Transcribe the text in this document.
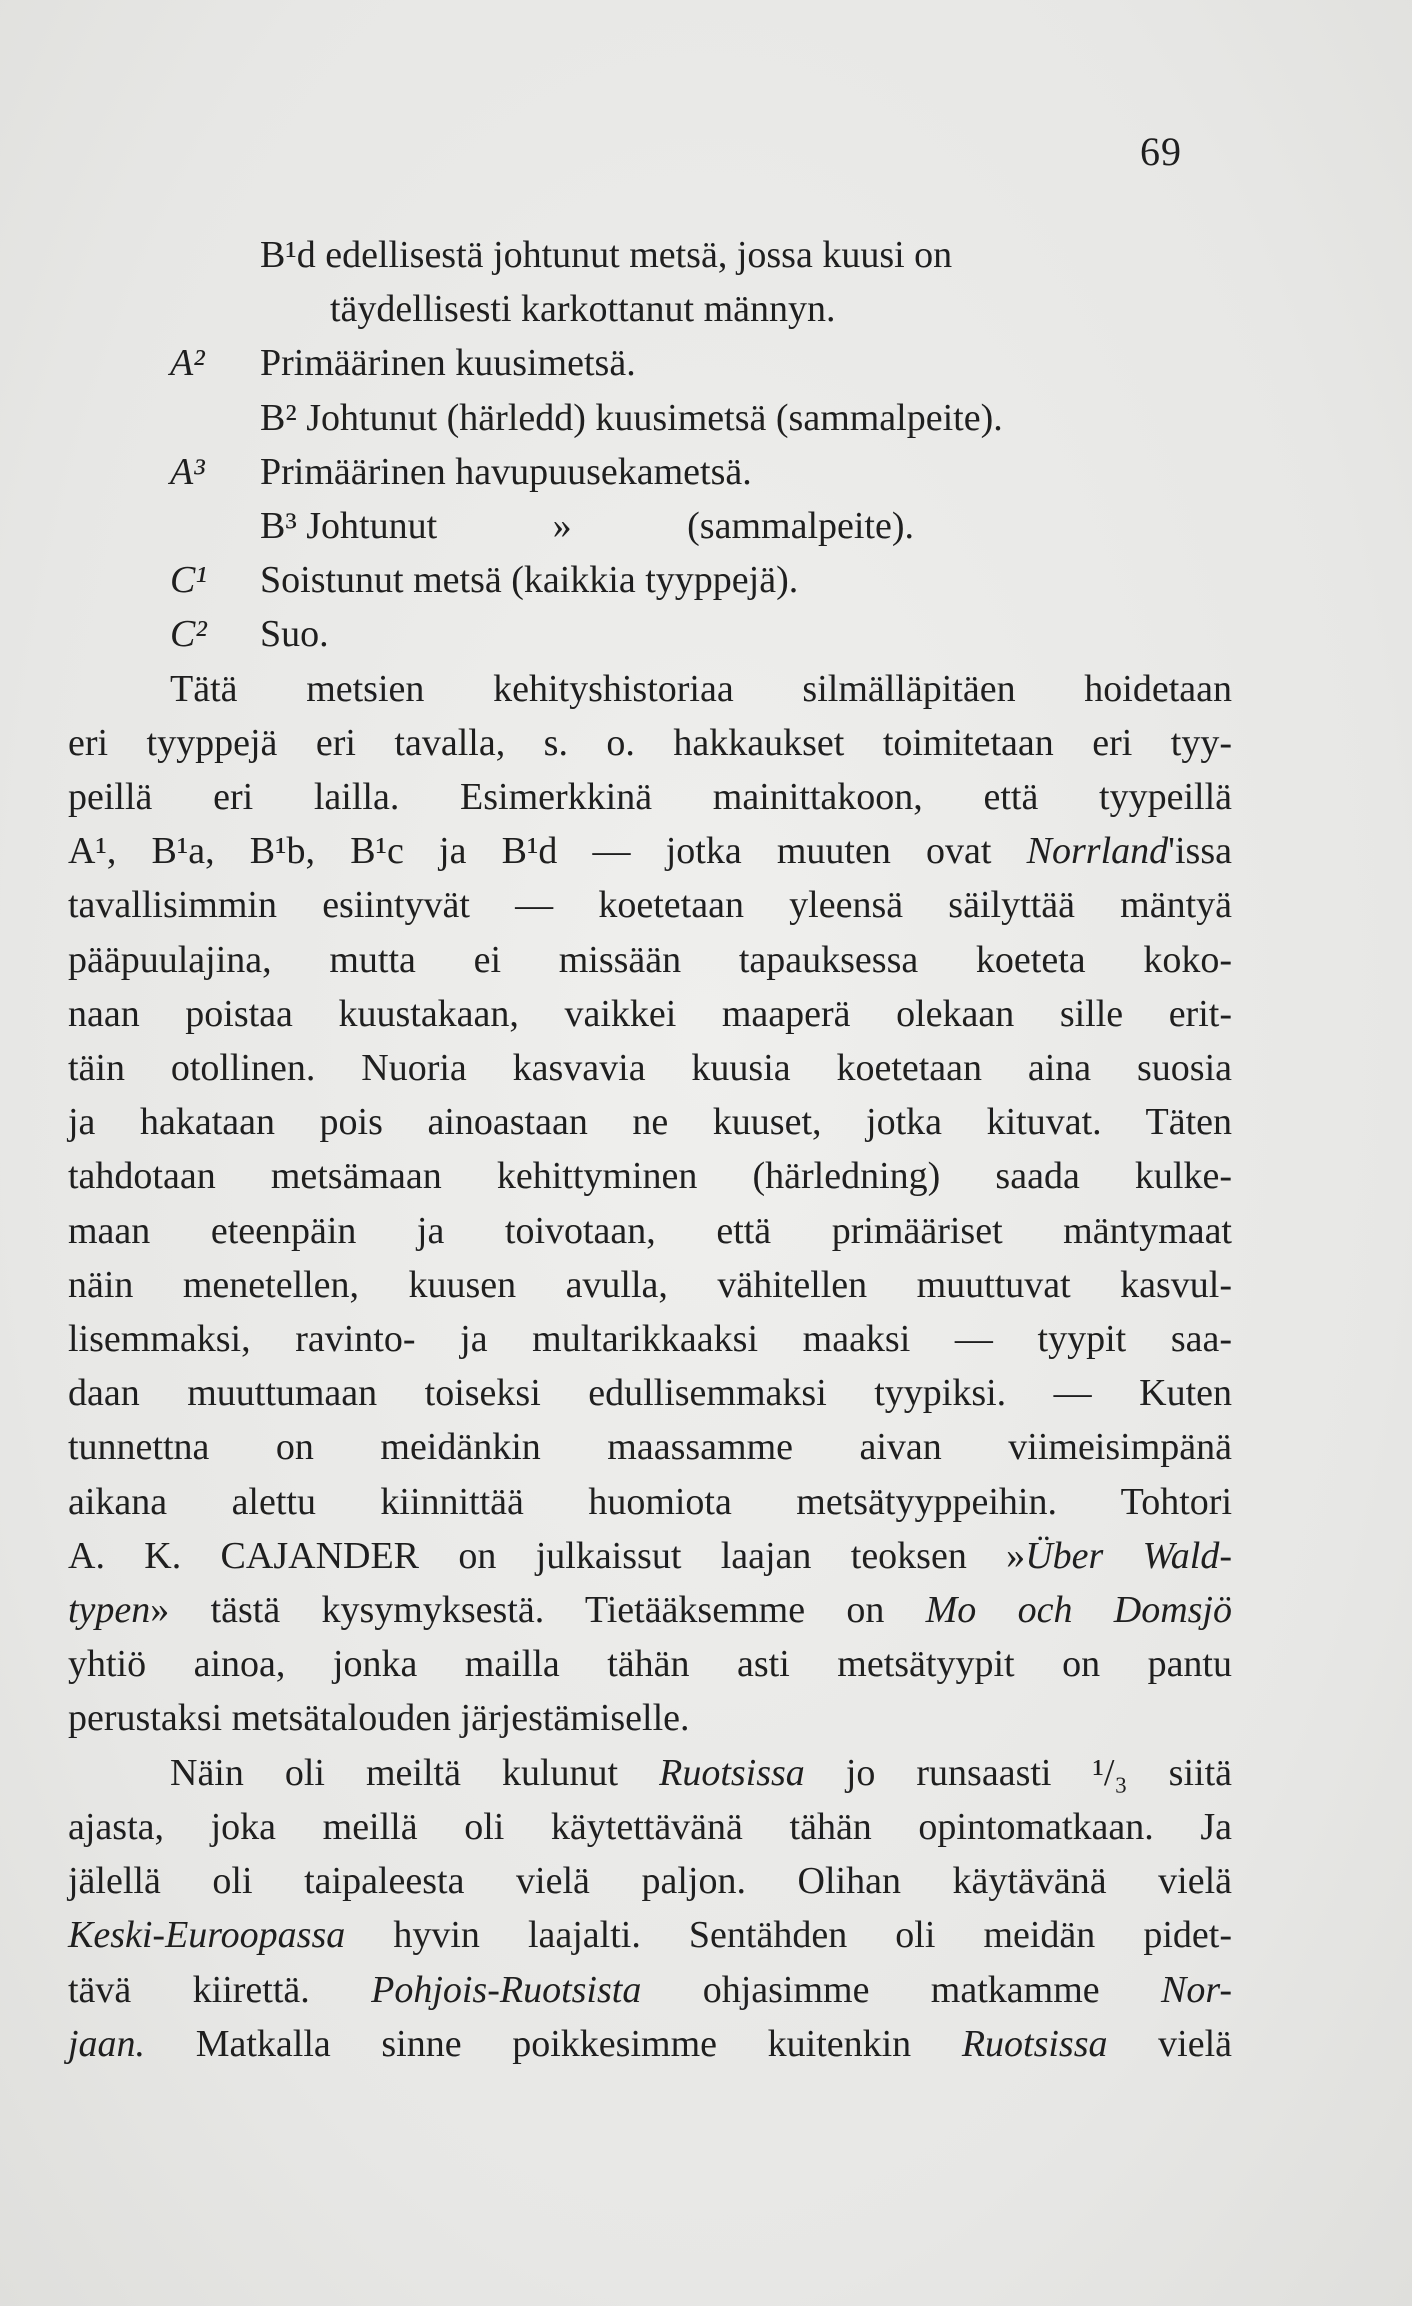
69
B¹d edellisestä johtunut metsä, jossa kuusi on
täydellisesti karkottanut männyn.
A² Primäärinen kuusimetsä.
B² Johtunut (härledd) kuusimetsä (sammalpeite).
A³ Primäärinen havupuusekametsä.
B³ Johtunut	»	(sammalpeite).
C¹ Soistunut metsä (kaikkia tyyppejä).
C² Suo.
Tätä metsien kehityshistoriaa silmälläpitäen hoidetaan
eri tyyppejä eri tavalla, s. o. hakkaukset toimitetaan eri tyy-
peillä eri lailla. Esimerkkinä mainittakoon, että tyypeillä
A¹, B¹a, B¹b, B¹c ja B¹d — jotka muuten ovat Norrland'issa
tavallisimmin esiintyvät — koetetaan yleensä säilyttää mäntyä
pääpuulajina, mutta ei missään tapauksessa koeteta koko-
naan poistaa kuustakaan, vaikkei maaperä olekaan sille erit-
täin otollinen. Nuoria kasvavia kuusia koetetaan aina suosia
ja hakataan pois ainoastaan ne kuuset, jotka kituvat. Täten
tahdotaan metsämaan kehittyminen (härledning) saada kulke-
maan eteenpäin ja toivotaan, että primääriset mäntymaat
näin menetellen, kuusen avulla, vähitellen muuttuvat kasvul-
lisemmaksi, ravinto- ja multarikkaaksi maaksi — tyypit saa-
daan muuttumaan toiseksi edullisemmaksi tyypiksi. — Kuten
tunnettna on meidänkin maassamme aivan viimeisimpänä
aikana alettu kiinnittää huomiota metsätyyppeihin. Tohtori
A. K. CAJANDER on julkaissut laajan teoksen »Über Wald-
typen» tästä kysymyksestä. Tietääksemme on Mo och Domsjö
yhtiö ainoa, jonka mailla tähän asti metsätyypit on pantu
perustaksi metsätalouden järjestämiselle.
Näin oli meiltä kulunut Ruotsissa jo runsaasti ¹/₃ siitä
ajasta, joka meillä oli käytettävänä tähän opintomatkaan. Ja
jälellä oli taipaleesta vielä paljon. Olihan käytävänä vielä
Keski-Euroopassa hyvin laajalti. Sentähden oli meidän pidet-
tävä kiirettä. Pohjois-Ruotsista ohjasimme matkamme Nor-
jaan. Matkalla sinne poikkesimme kuitenkin Ruotsissa vielä
